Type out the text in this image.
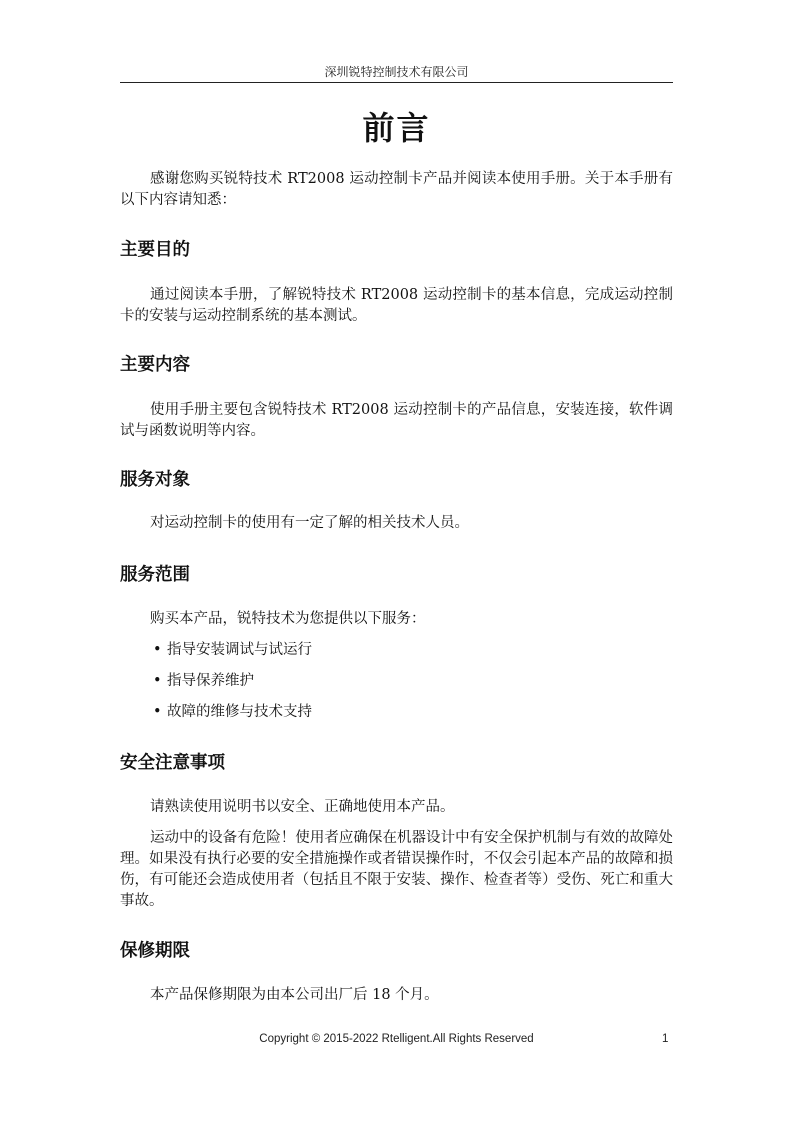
深圳锐特控制技术有限公司
前言
感谢您购买锐特技术 RT2008 运动控制卡产品并阅读本使用手册。关于本手册有以下内容请知悉：
主要目的
通过阅读本手册，了解锐特技术 RT2008 运动控制卡的基本信息，完成运动控制卡的安装与运动控制系统的基本测试。
主要内容
使用手册主要包含锐特技术 RT2008 运动控制卡的产品信息，安装连接，软件调试与函数说明等内容。
服务对象
对运动控制卡的使用有一定了解的相关技术人员。
服务范围
购买本产品，锐特技术为您提供以下服务：
• 指导安装调试与试运行
• 指导保养维护
• 故障的维修与技术支持
安全注意事项
请熟读使用说明书以安全、正确地使用本产品。
运动中的设备有危险！使用者应确保在机器设计中有安全保护机制与有效的故障处理。如果没有执行必要的安全措施操作或者错误操作时，不仅会引起本产品的故障和损伤，有可能还会造成使用者（包括且不限于安装、操作、检查者等）受伤、死亡和重大事故。
保修期限
本产品保修期限为由本公司出厂后 18 个月。
Copyright © 2015-2022 Rtelligent.All Rights Reserved	1
